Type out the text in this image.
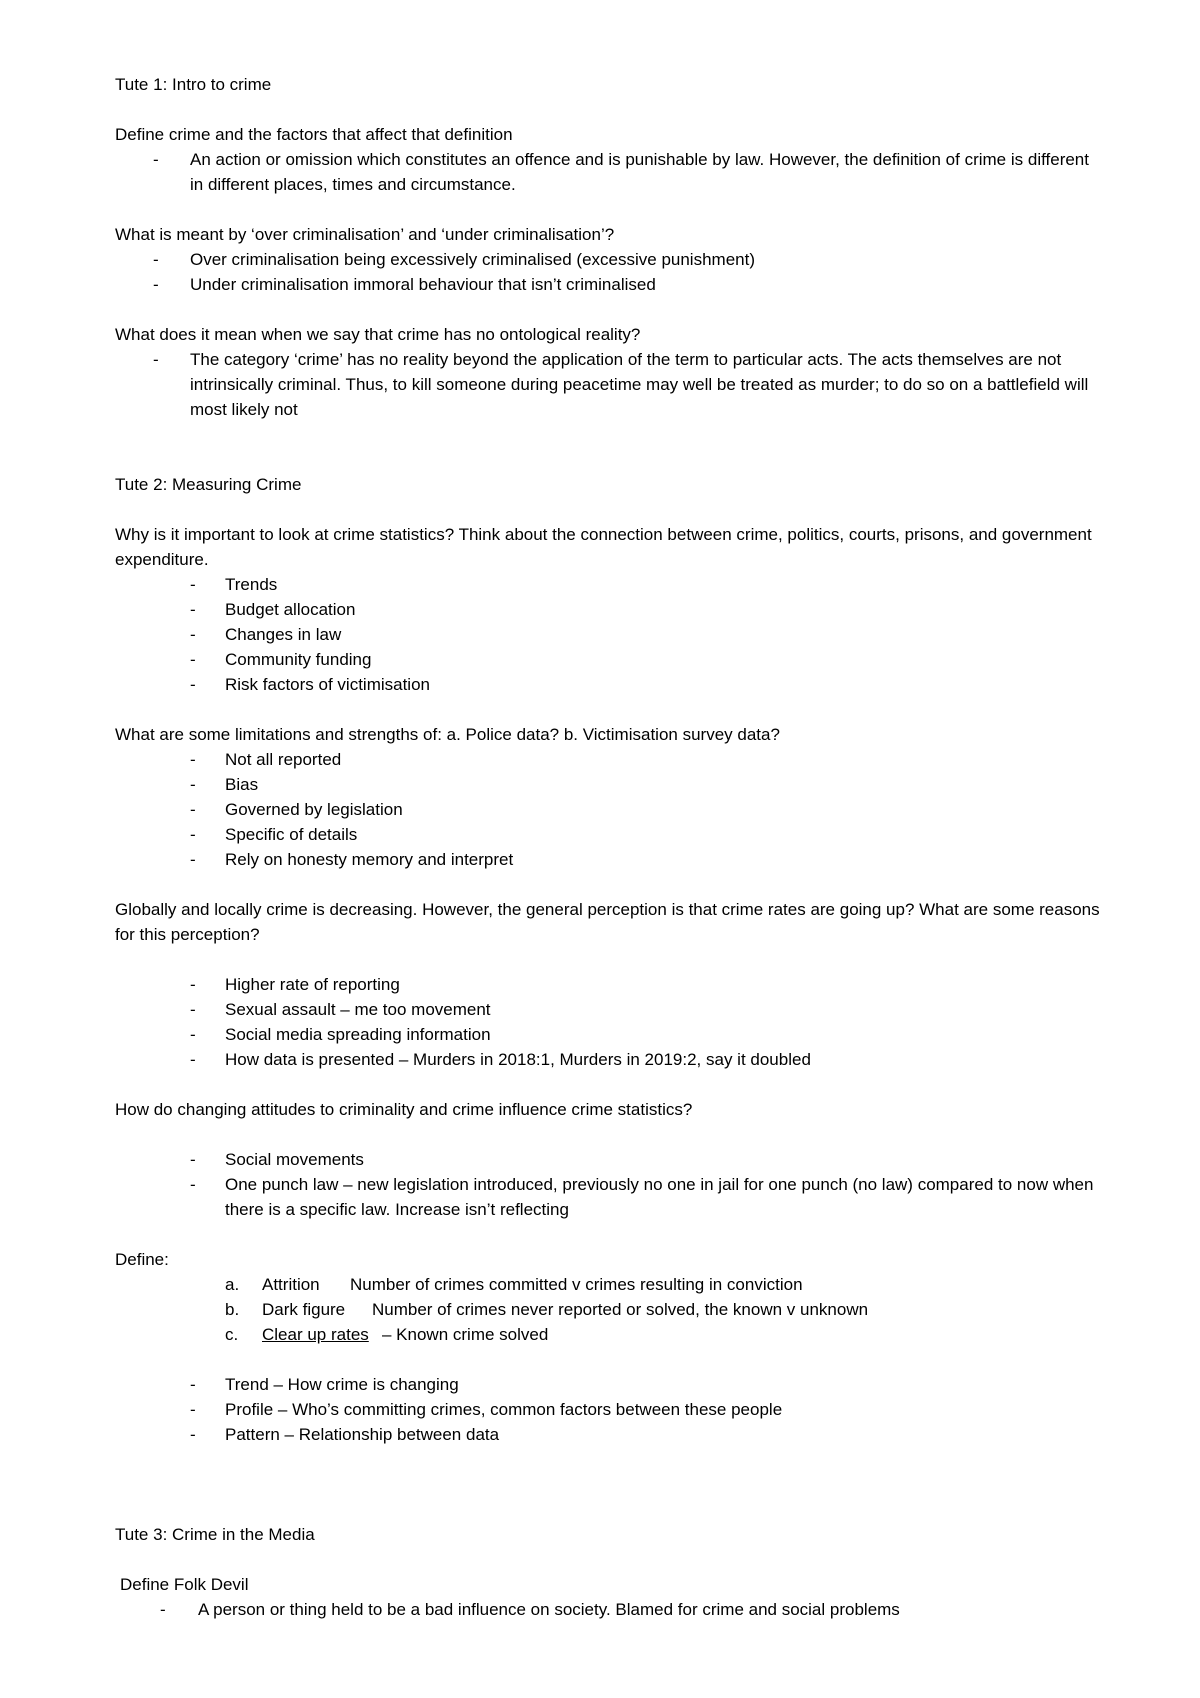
Tute 1: Intro to crime
Define crime and the factors that affect that definition
- An action or omission which constitutes an offence and is punishable by law. However, the definition of crime is different in different places, times and circumstance.
What is meant by ‘over criminalisation’ and ‘under criminalisation’?
- Over criminalisation being excessively criminalised (excessive punishment)
- Under criminalisation immoral behaviour that isn’t criminalised
What does it mean when we say that crime has no ontological reality?
- The category ‘crime’ has no reality beyond the application of the term to particular acts. The acts themselves are not intrinsically criminal. Thus, to kill someone during peacetime may well be treated as murder; to do so on a battlefield will most likely not
Tute 2: Measuring Crime
Why is it important to look at crime statistics? Think about the connection between crime, politics, courts, prisons, and government expenditure.
- Trends
- Budget allocation
- Changes in law
- Community funding
- Risk factors of victimisation
What are some limitations and strengths of: a. Police data? b. Victimisation survey data?
- Not all reported
- Bias
- Governed by legislation
- Specific of details
- Rely on honesty memory and interpret
Globally and locally crime is decreasing. However, the general perception is that crime rates are going up? What are some reasons for this perception?
- Higher rate of reporting
- Sexual assault – me too movement
- Social media spreading information
- How data is presented – Murders in 2018:1, Murders in 2019:2, say it doubled
How do changing attitudes to criminality and crime influence crime statistics?
- Social movements
- One punch law – new legislation introduced, previously no one in jail for one punch (no law) compared to now when there is a specific law. Increase isn’t reflecting
Define:
a. Attrition Number of crimes committed v crimes resulting in conviction
b. Dark figure Number of crimes never reported or solved, the known v unknown
c. Clear up rates – Known crime solved
- Trend – How crime is changing
- Profile – Who’s committing crimes, common factors between these people
- Pattern – Relationship between data
Tute 3: Crime in the Media
Define Folk Devil
- A person or thing held to be a bad influence on society. Blamed for crime and social problems
